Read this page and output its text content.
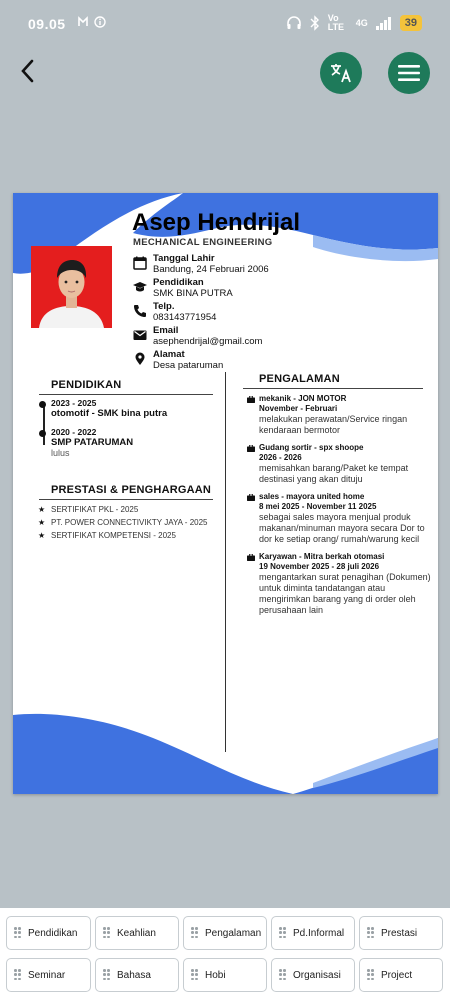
09.05	Vo LTE	4G	39
Asep Hendrijal
MECHANICAL ENGINEERING
Tanggal Lahir
Bandung, 24 Februari 2006
Pendidikan
SMK BINA PUTRA
Telp.
083143771954
Email
asephendrijal@gmail.com
Alamat
Desa pataruman
PENDIDIKAN
2023 - 2025
otomotif - SMK bina putra
2020 - 2022
SMP PATARUMAN
lulus
PRESTASI & PENGHARGAAN
★ SERTIFIKAT PKL - 2025
★ PT. POWER CONNECTIVIKTY JAYA - 2025
★ SERTIFIKAT KOMPETENSI - 2025
PENGALAMAN
mekanik - JON MOTOR
November - Februari
melakukan perawatan/Service ringan kendaraan bermotor
Gudang sortir - spx shoope
2026 - 2026
memisahkan barang/Paket ke tempat destinasi yang akan dituju
sales - mayora united home
8 mei 2025 - November 11 2025
sebagai sales mayora menjual produk makanan/minuman mayora secara Dor to dor ke setiap orang/ rumah/warung kecil
Karyawan - Mitra berkah otomasi
19 November 2025 - 28 juli 2026
mengantarkan surat penagihan (Dokumen) untuk diminta tandatangan atau mengirimkan barang yang di order oleh perusahaan lain
Pendidikan	Keahlian	Pengalaman	Pd.Informal	Prestasi
Seminar	Bahasa	Hobi	Organisasi	Project
